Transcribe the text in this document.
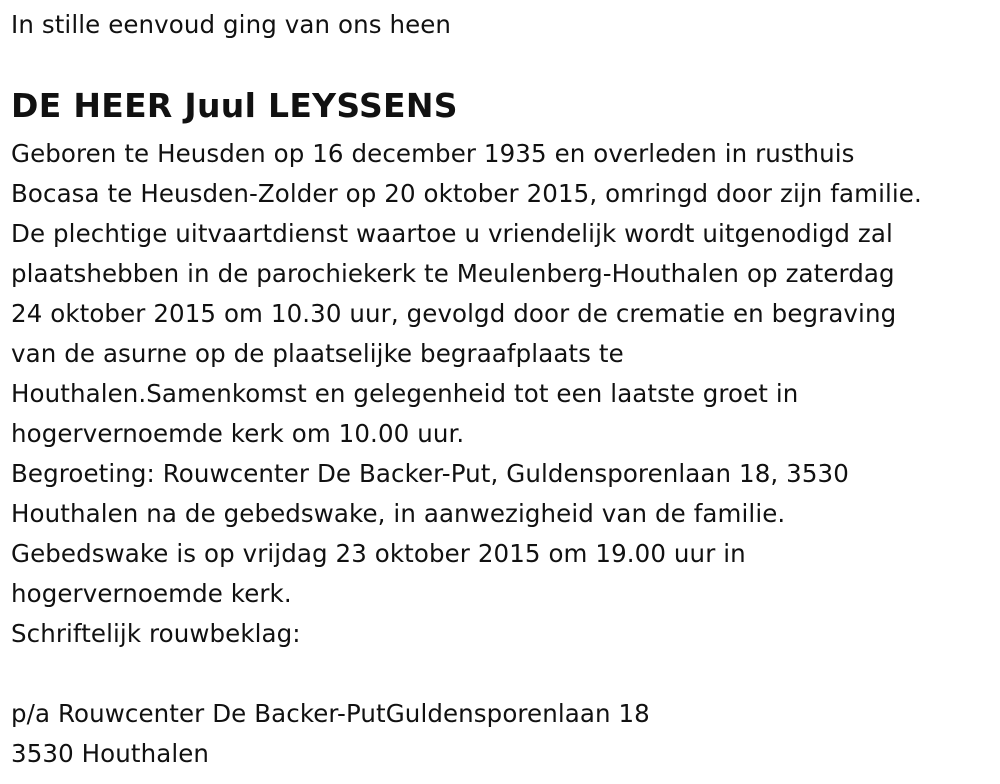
In stille eenvoud ging van ons heen
DE HEER Juul LEYSSENS
Geboren te Heusden op 16 december 1935 en overleden in rusthuis
Bocasa te Heusden-Zolder op 20 oktober 2015, omringd door zijn familie.
De plechtige uitvaartdienst waartoe u vriendelijk wordt uitgenodigd zal
plaatshebben in de parochiekerk te Meulenberg-Houthalen op zaterdag
24 oktober 2015 om 10.30 uur, gevolgd door de crematie en begraving
van de asurne op de plaatselijke begraafplaats te
Houthalen.Samenkomst en gelegenheid tot een laatste groet in
hogervernoemde kerk om 10.00 uur.
Begroeting: Rouwcenter De Backer-Put, Guldensporenlaan 18, 3530
Houthalen na de gebedswake, in aanwezigheid van de familie.
Gebedswake is op vrijdag 23 oktober 2015 om 19.00 uur in
hogervernoemde kerk.
Schriftelijk rouwbeklag:
p/a Rouwcenter De Backer-PutGuldensporenlaan 18
3530 Houthalen
